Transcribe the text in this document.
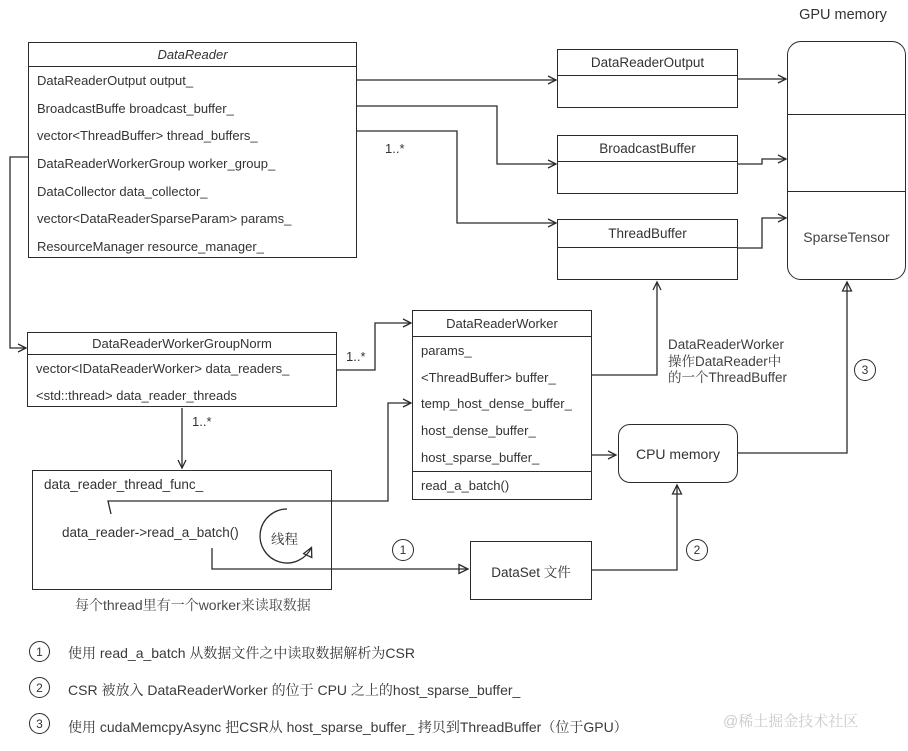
GPU memory
DataReader
DataReaderOutput output_
BroadcastBuffe broadcast_buffer_
vector<ThreadBuffer> thread_buffers_
DataReaderWorkerGroup worker_group_
DataCollector data_collector_
vector<DataReaderSparseParam> params_
ResourceManager resource_manager_
DataReaderOutput
BroadcastBuffer
ThreadBuffer	SparseTensor
DataReaderWorkerGroupNorm
vector<IDataReaderWorker> data_readers_
<std::thread> data_reader_threads
DataReaderWorker
params_
<ThreadBuffer> buffer_
temp_host_dense_buffer_
host_dense_buffer_
host_sparse_buffer_
read_a_batch()
CPU memory
data_reader_thread_func_
data_reader->read_a_batch() 线程
DataSet 文件
1..*
1..*
1..*
DataReaderWorker
操作DataReader中
的一个ThreadBuffer
每个thread里有一个worker来读取数据
1	2
3
1	使用 read_a_batch 从数据文件之中读取数据解析为CSR
2	CSR 被放入 DataReaderWorker 的位于 CPU 之上的host_sparse_buffer_
3	使用 cudaMemcpyAsync 把CSR从 host_sparse_buffer_ 拷贝到ThreadBuffer（位于GPU）	@稀土掘金技术社区
